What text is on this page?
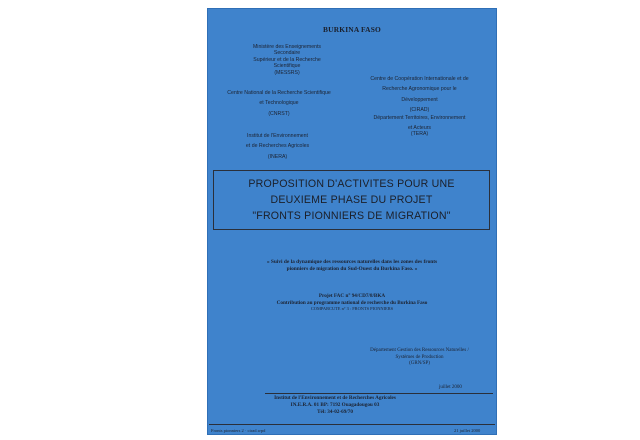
BURKINA FASO
Ministère des Enseignements
Secondaire
Supérieur et de la Recherche
Scientifique
(MESSRS)
Centre National de la Recherche Scientifique
et Technologique
(CNRST)
Institut de l'Environnement
et de Recherches Agricoles
(INERA)
Centre de Coopération Internationale et de
Recherche Agronomique pour le
Développement
(CIRAD)
Département Territoires, Environnement
et Acteurs
(TERA)
PROPOSITION D'ACTIVITES POUR UNE
DEUXIEME PHASE DU PROJET
"FRONTS PIONNIERS DE MIGRATION"
« Suivi de la dynamique des ressources naturelles dans les zones des fronts
pionniers de migration du Sud-Ouest du Burkina Faso. »
Projet FAC n° 94/CD7/8/BKA
Contribution au programme national de recherche du Burkina Faso
COMPARCUTE n° 3 : FRONTS PIONNIERS
Département Gestion des Ressources Naturelles /
Systèmes de Production
(GRN/SP)
juillet 2000
Institut de l'Environnement et de Recherches Agricoles
IN.E.R.A. 01 BP: 7192 Ouagadougou 03
Tél: 34-02-69/70
Fronts pionniers 2 · cirad.wpd	21 juillet 2000
